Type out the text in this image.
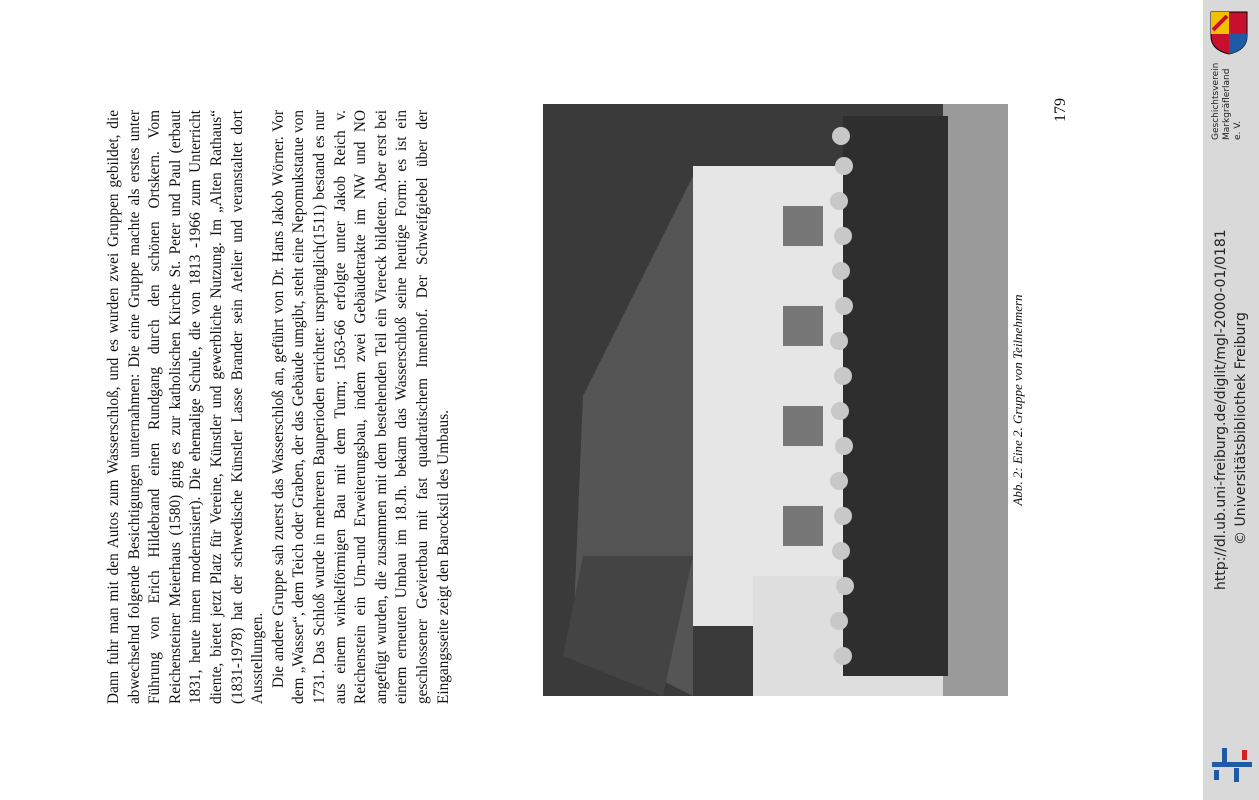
Dann fuhr man mit den Autos zum Wasserschloß, und es wurden zwei Gruppen gebildet, die abwechselnd folgende Besichtigungen unternahmen: Die eine Gruppe machte als erstes unter Führung von Erich Hildebrand einen Rundgang durch den schönen Ortskern. Vom Reichensteiner Meierhaus (1580) ging es zur katholischen Kirche St. Peter und Paul (erbaut 1831, heute innen modernisiert). Die ehemalige Schule, die von 1813 -1966 zum Unterricht diente, bietet jetzt Platz für Vereine, Künstler und gewerbliche Nutzung. Im „Alten Rathaus“ (1831-1978) hat der schwedische Künstler Lasse Brander sein Atelier und veranstaltet dort Ausstellungen. Die andere Gruppe sah zuerst das Wasserschloß an, geführt von Dr. Hans Jakob Wörner. Vor dem „Wasser“, dem Teich oder Graben, der das Gebäude umgibt, steht eine Nepomukstatue von 1731. Das Schloß wurde in mehreren Bauperioden errichtet: ursprünglich(1511) bestand es nur aus einem winkelförmigen Bau mit dem Turm; 1563-66 erfolgte unter Jakob Reich v. Reichenstein ein Um-und Erweiterungsbau, indem zwei Gebäudetrakte im NW und NO angefügt wurden, die zusammen mit dem bestehenden Teil ein Viereck bildeten. Aber erst bei einem erneuten Umbau im 18.Jh. bekam das Wasserschloß seine heutige Form: es ist ein geschlossener Geviertbau mit fast quadratischem Innenhof. Der Schweifgiebel über der Eingangsseite zeigt den Barockstil des Umbaus.

Abb. 2: Eine 2. Gruppe von Teilnehmern
179
http://dl.ub.uni-freiburg.de/diglit/mgl-2000-01/0181 © Universitätsbibliothek Freiburg
Geschichtsverein Markgräflerland e. V.
